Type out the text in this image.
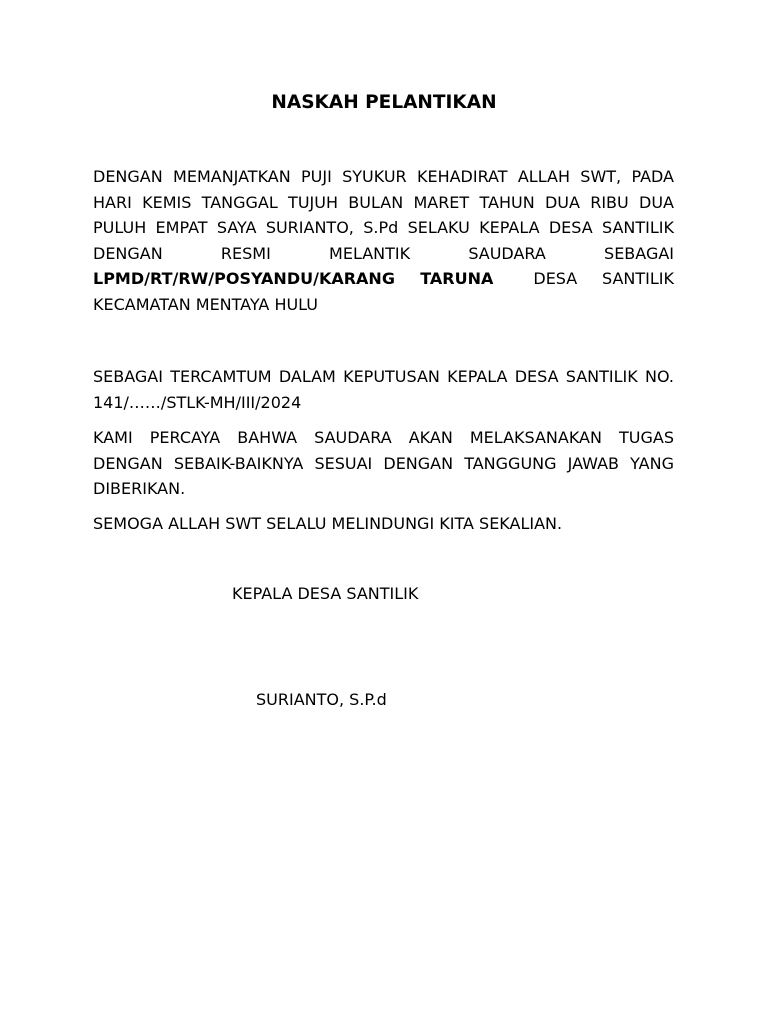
NASKAH PELANTIKAN

DENGAN MEMANJATKAN PUJI SYUKUR KEHADIRAT ALLAH SWT, PADA HARI KEMIS TANGGAL TUJUH BULAN MARET TAHUN DUA RIBU DUA PULUH EMPAT SAYA SURIANTO, S.Pd SELAKU KEPALA DESA SANTILIK DENGAN RESMI MELANTIK SAUDARA SEBAGAI LPMD/RT/RW/POSYANDU/KARANG TARUNA	DESA SANTILIK KECAMATAN MENTAYA HULU

SEBAGAI TERCAMTUM DALAM KEPUTUSAN KEPALA DESA SANTILIK NO. 141/……/STLK-MH/III/2024

KAMI PERCAYA BAHWA SAUDARA AKAN MELAKSANAKAN TUGAS DENGAN SEBAIK-BAIKNYA SESUAI DENGAN TANGGUNG JAWAB YANG DIBERIKAN.

SEMOGA ALLAH SWT SELALU MELINDUNGI KITA SEKALIAN.

KEPALA DESA SANTILIK

SURIANTO, S.P.d
